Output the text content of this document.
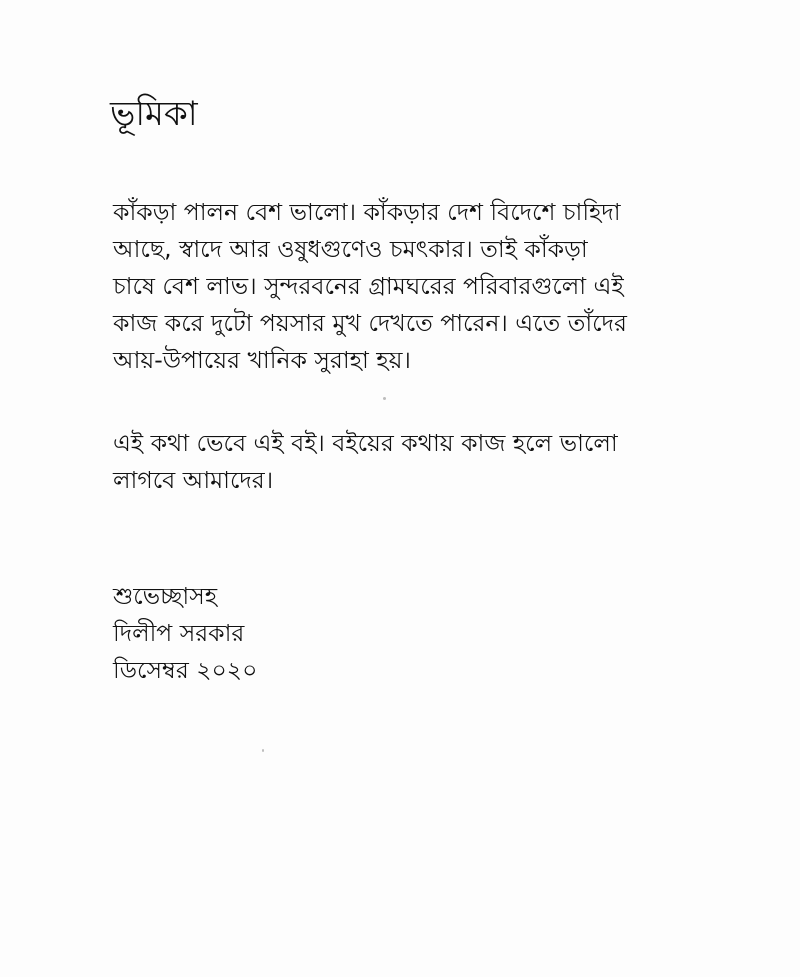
ভূমিকা

কাঁকড়া পালন বেশ ভালো। কাঁকড়ার দেশ বিদেশে চাহিদা
আছে, স্বাদে আর ওষুধগুণেও চমৎকার। তাই কাঁকড়া
চাষে বেশ লাভ। সুন্দরবনের গ্রামঘরের পরিবারগুলো এই
কাজ করে দুটো পয়সার মুখ দেখতে পারেন। এতে তাঁদের
আয়-উপায়ের খানিক সুরাহা হয়।

এই কথা ভেবে এই বই। বইয়ের কথায় কাজ হলে ভালো
লাগবে আমাদের।

শুভেচ্ছাসহ
দিলীপ সরকার
ডিসেম্বর ২০২০
